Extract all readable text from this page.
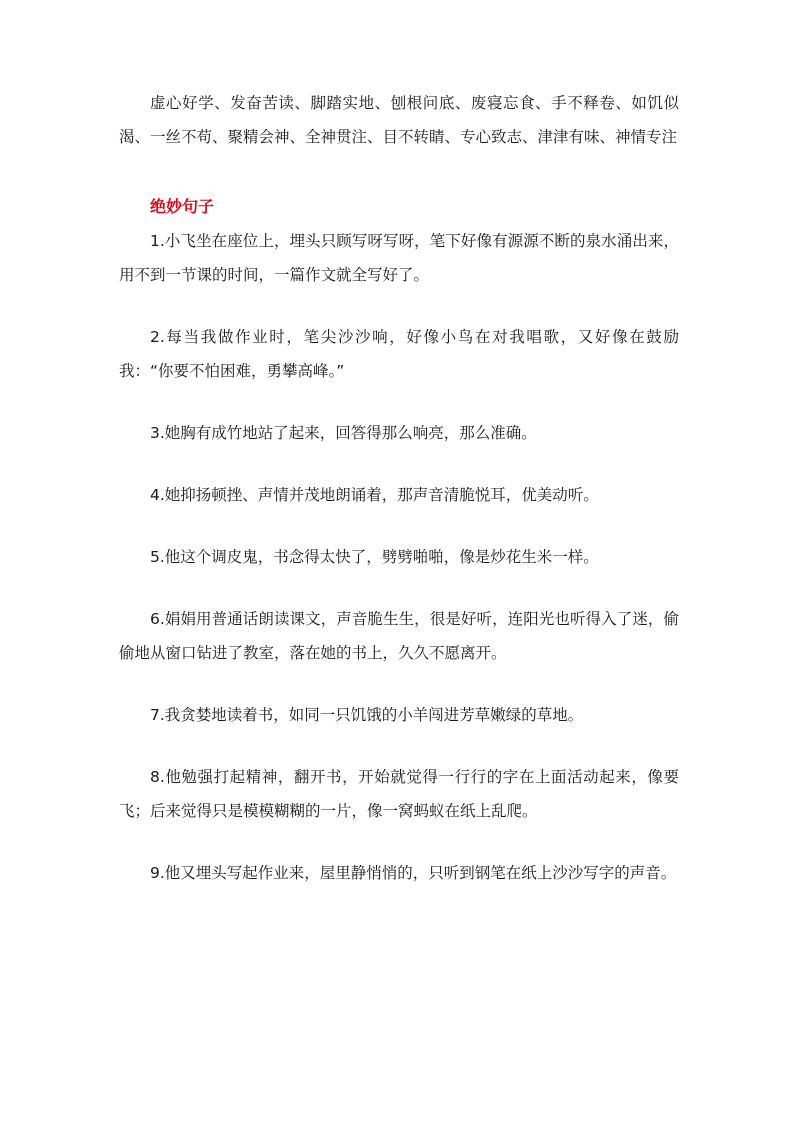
虚心好学、发奋苦读、脚踏实地、刨根问底、废寝忘食、手不释卷、如饥似渴、一丝不苟、聚精会神、全神贯注、目不转睛、专心致志、津津有味、神情专注

绝妙句子

1.小飞坐在座位上，埋头只顾写呀写呀，笔下好像有源源不断的泉水涌出来，用不到一节课的时间，一篇作文就全写好了。

2.每当我做作业时，笔尖沙沙响，好像小鸟在对我唱歌，又好像在鼓励我：“你要不怕困难，勇攀高峰。”

3.她胸有成竹地站了起来，回答得那么响亮，那么准确。

4.她抑扬顿挫、声情并茂地朗诵着，那声音清脆悦耳，优美动听。

5.他这个调皮鬼，书念得太快了，劈劈啪啪，像是炒花生米一样。

6.娟娟用普通话朗读课文，声音脆生生，很是好听，连阳光也听得入了迷，偷偷地从窗口钻进了教室，落在她的书上，久久不愿离开。

7.我贪婪地读着书，如同一只饥饿的小羊闯进芳草嫩绿的草地。

8.他勉强打起精神，翻开书，开始就觉得一行行的字在上面活动起来，像要飞；后来觉得只是模模糊糊的一片，像一窝蚂蚁在纸上乱爬。

9.他又埋头写起作业来，屋里静悄悄的，只听到钢笔在纸上沙沙写字的声音。
